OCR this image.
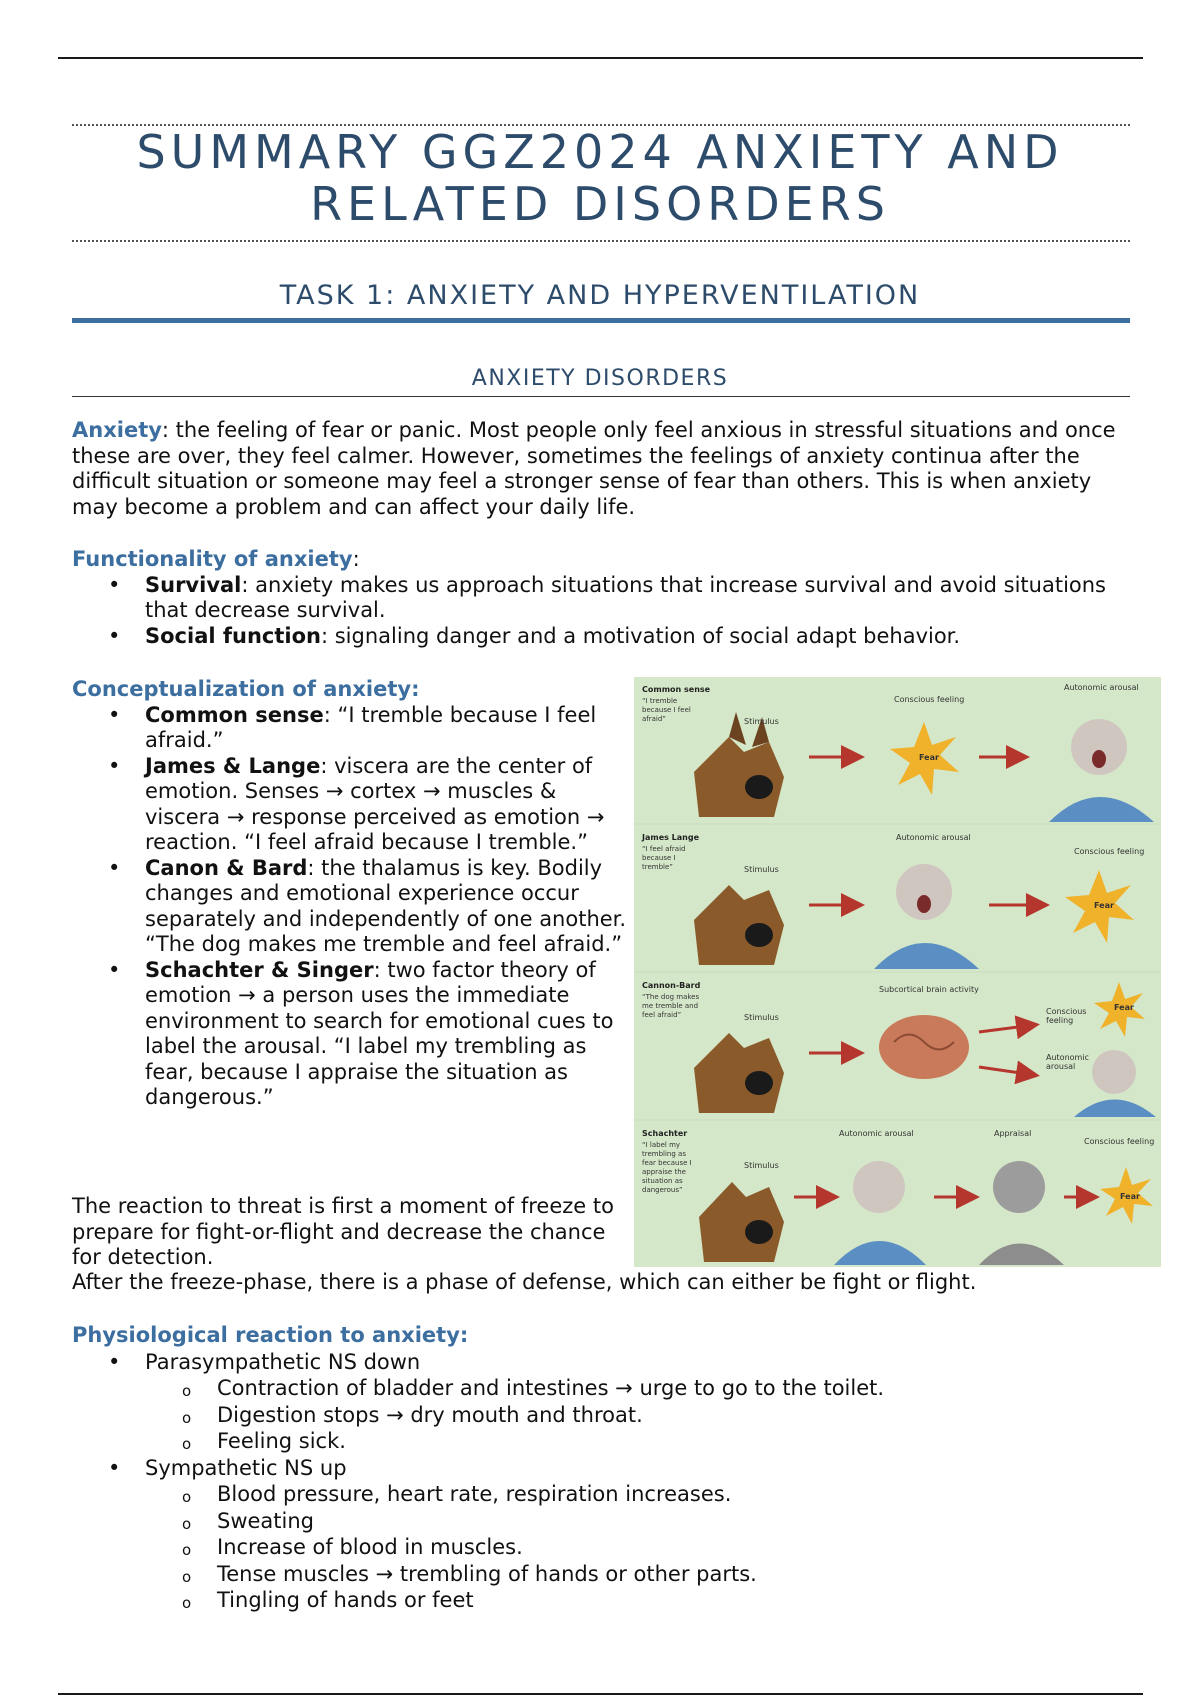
SUMMARY GGZ2024 ANXIETY AND RELATED DISORDERS
TASK 1: ANXIETY AND HYPERVENTILATION
ANXIETY DISORDERS
Anxiety: the feeling of fear or panic. Most people only feel anxious in stressful situations and once these are over, they feel calmer. However, sometimes the feelings of anxiety continua after the difficult situation or someone may feel a stronger sense of fear than others. This is when anxiety may become a problem and can affect your daily life.
Functionality of anxiety:
• Survival: anxiety makes us approach situations that increase survival and avoid situations that decrease survival.
• Social function: signaling danger and a motivation of social adapt behavior.
Conceptualization of anxiety:
• Common sense: “I tremble because I feel afraid.”
• James & Lange: viscera are the center of emotion. Senses → cortex → muscles & viscera → response perceived as emotion → reaction. “I feel afraid because I tremble.”
• Canon & Bard: the thalamus is key. Bodily changes and emotional experience occur separately and independently of one another. “The dog makes me tremble and feel afraid.”
• Schachter & Singer: two factor theory of emotion → a person uses the immediate environment to search for emotional cues to label the arousal. “I label my trembling as fear, because I appraise the situation as dangerous.”
Common sense
“I tremble because I feel afraid”	Stimulus
Conscious feeling
Fear
Autonomic arousal
James Lange
“I feel afraid because I tremble”	Stimulus
Autonomic arousal
Conscious feeling
Fear
Cannon-Bard
“The dog makes me tremble and feel afraid”	Stimulus
Subcortical brain activity
Conscious feeling
Autonomic arousal
Fear
Schachter
“I label my trembling as fear because I appraise the situation as dangerous”
Stimulus
Autonomic arousal	Appraisal
Conscious feeling
Fear
The reaction to threat is first a moment of freeze to prepare for fight-or-flight and decrease the chance for detection.
After the freeze-phase, there is a phase of defense, which can either be fight or flight.
Physiological reaction to anxiety:
• Parasympathetic NS down
o Contraction of bladder and intestines → urge to go to the toilet.
o Digestion stops → dry mouth and throat.
o Feeling sick.
• Sympathetic NS up
o Blood pressure, heart rate, respiration increases.
o Sweating
o Increase of blood in muscles.
o Tense muscles → trembling of hands or other parts.
o Tingling of hands or feet
